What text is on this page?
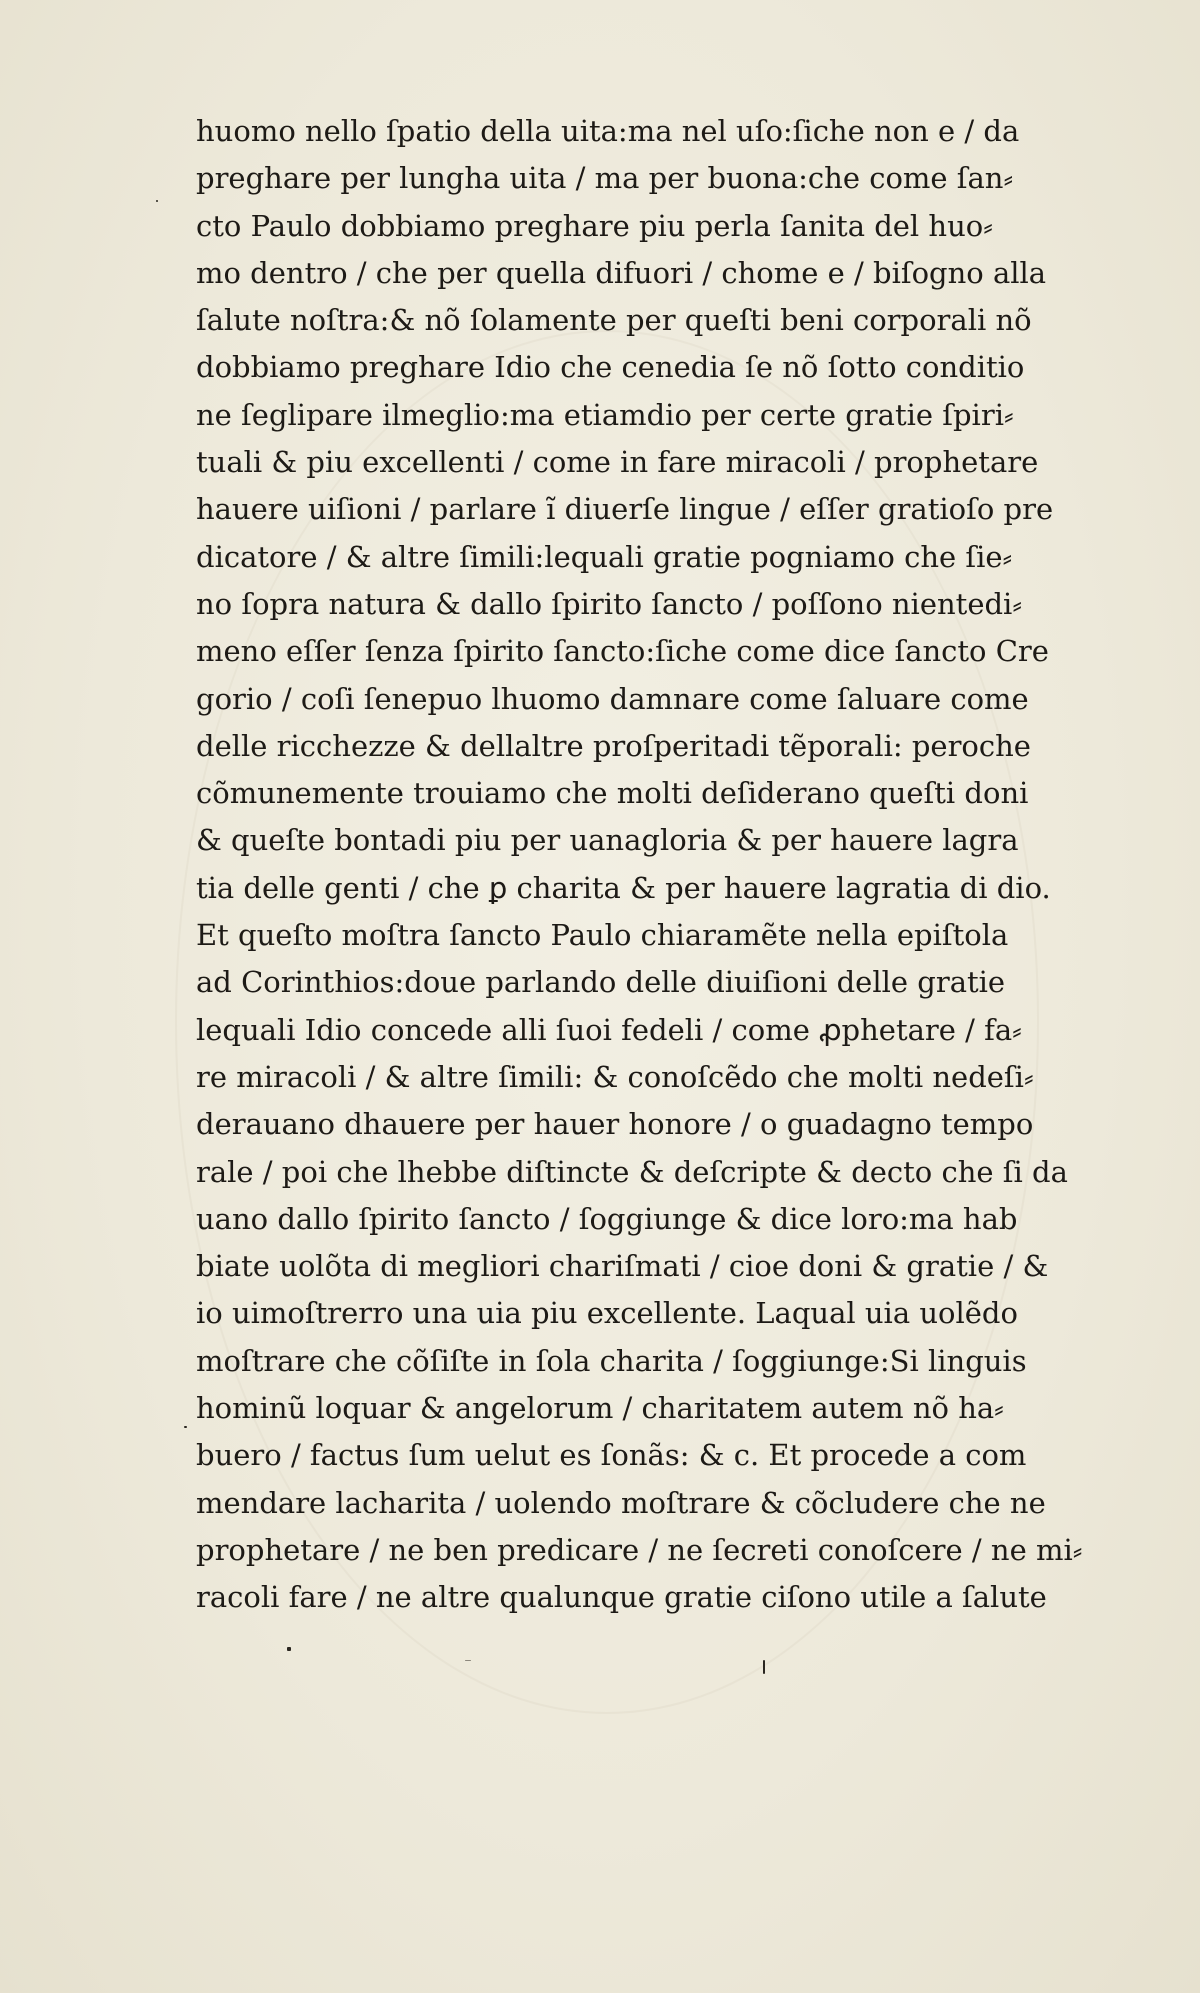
huomo nello ſpatio della uita:ma nel uſo:ſiche non e / da
preghare per lungha uita / ma per buona:che come ſan⸗
cto Paulo dobbiamo preghare piu perla ſanita del huo⸗
mo dentro / che per quella difuori / chome e / biſogno alla
ſalute noſtra:& nõ ſolamente per queſti beni corporali nõ
dobbiamo preghare Idio che cenedia ſe nõ ſotto conditio
ne ſeglipare ilmeglio:ma etiamdio per certe gratie ſpiri⸗
tuali & piu excellenti / come in fare miracoli / prophetare
hauere uiſioni / parlare ĩ diuerſe lingue / eſſer gratioſo pre
dicatore / & altre ſimili:lequali gratie pogniamo che ſie⸗
no ſopra natura & dallo ſpirito ſancto / poſſono nientedi⸗
meno eſſer ſenza ſpirito ſancto:ſiche come dice ſancto Cre
gorio / coſi ſenepuo lhuomo damnare come ſaluare come
delle ricchezze & dellaltre proſperitadi tẽporali: peroche
cõmunemente trouiamo che molti deſiderano queſti doni
& queſte bontadi piu per uanagloria & per hauere lagra
tia delle genti / che ꝑ charita & per hauere lagratia di dio.
Et queſto moſtra ſancto Paulo chiaramẽte nella epiſtola
ad Corinthios:doue parlando delle diuiſioni delle gratie
lequali Idio concede alli ſuoi fedeli / come ꝓphetare / fa⸗
re miracoli / & altre ſimili: & conoſcẽdo che molti nedeſi⸗
derauano dhauere per hauer honore / o guadagno tempo
rale / poi che lhebbe diſtincte & deſcripte & decto che ſi da
uano dallo ſpirito ſancto / ſoggiunge & dice loro:ma hab
biate uolõta di megliori chariſmati / cioe doni & gratie / &
io uimoſtrerro una uia piu excellente. Laqual uia uolẽdo
moſtrare che cõſiſte in ſola charita / ſoggiunge:Si linguis
hominũ loquar & angelorum / charitatem autem nõ ha⸗
buero / factus ſum uelut es ſonãs: & c. Et procede a com
mendare lacharita / uolendo moſtrare & cõcludere che ne
prophetare / ne ben predicare / ne ſecreti conoſcere / ne mi⸗
racoli fare / ne altre qualunque gratie ciſono utile a ſalute
